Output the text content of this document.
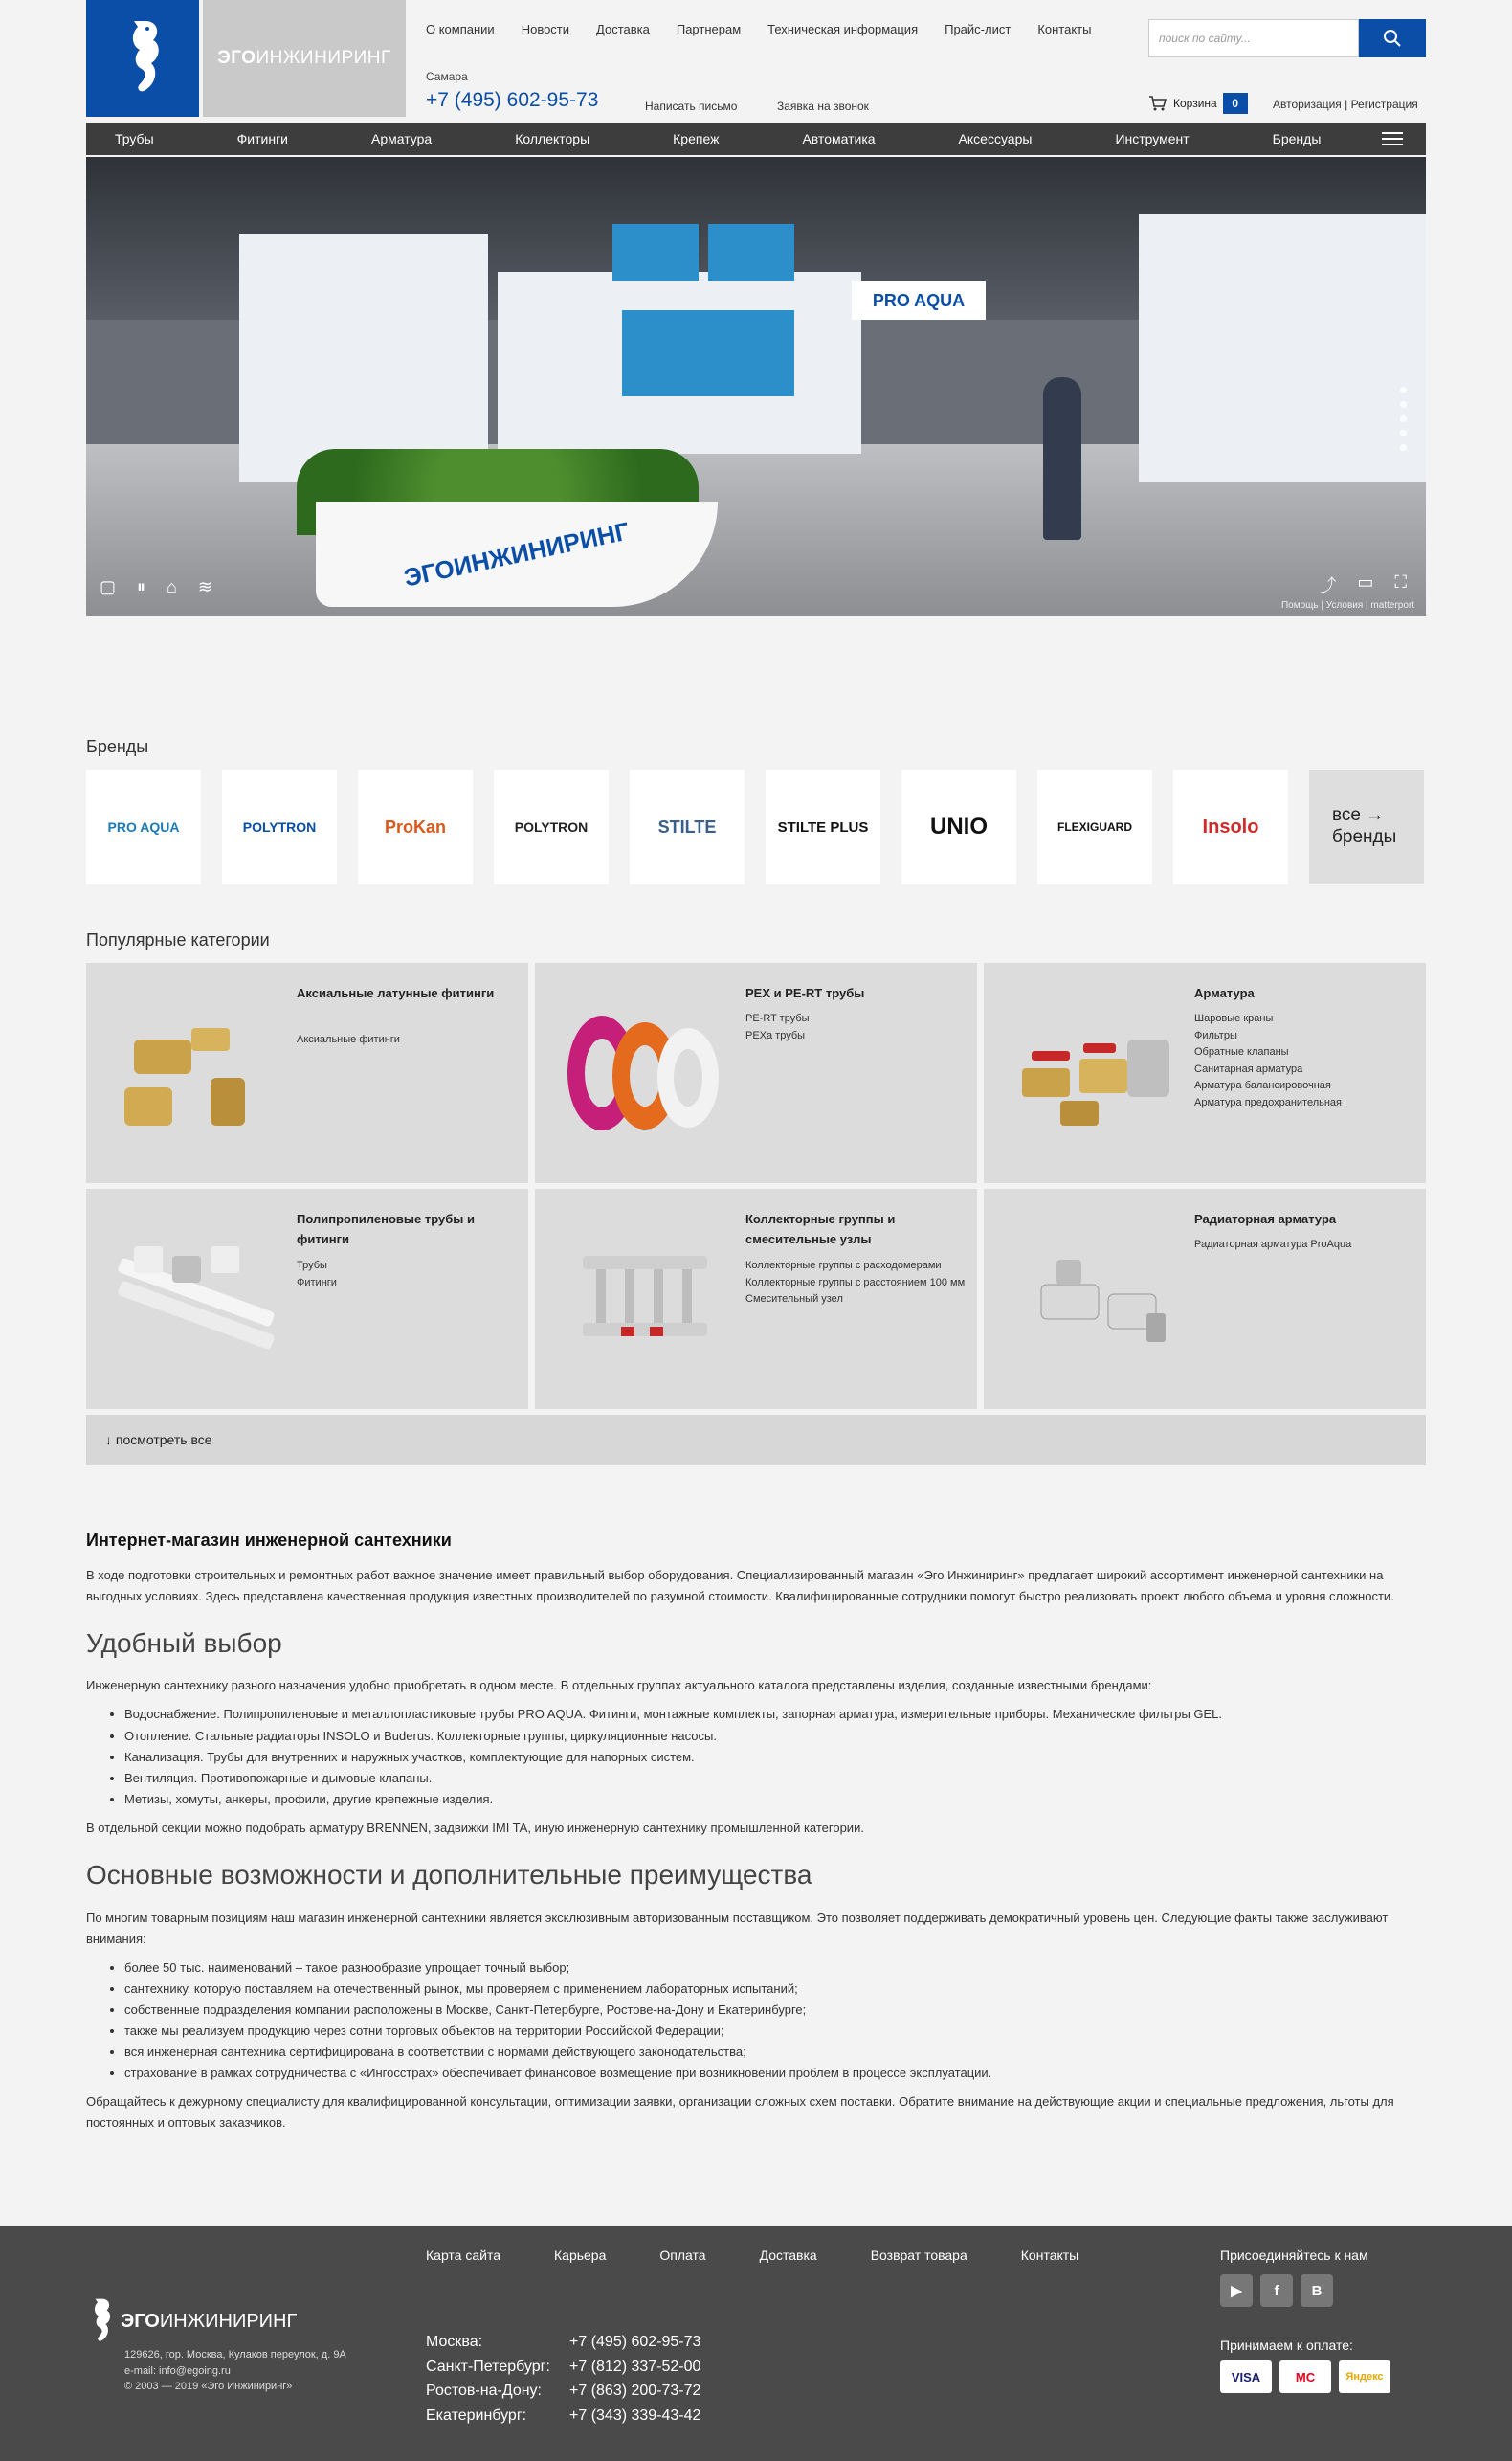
ЭГОИНЖИНИРИНГ
О компании Новости Доставка Партнерам Техническая информация Прайс-лист Контакты
Самара
+7 (495) 602-95-73	Написать письмо	Заявка на звонок
поиск по сайту...
Корзина	0	Авторизация | Регистрация
Трубы	Фитинги	Арматура	Коллекторы	Крепеж	Автоматика	Аксессуары	Инструмент	Бренды
PRO AQUA
ЭГОИНЖИНИРИНГ
▢ ⏸ ⌂ ≋	⤴ ▭ ⛶
Помощь | Условия | matterport
Бренды
PRO AQUA	POLYTRON	ProKan	POLYTRON	STILTE	STILTE PLUS	UNIO	FLEXIGUARD	Insolo
все →
бренды
Популярные категории
Аксиальные латунные фитинги
Аксиальные фитинги
PEX и PE-RT трубы
PE-RT трубы
PEXa трубы
Арматура
Шаровые краны
Фильтры
Обратные клапаны
Санитарная арматура
Арматура балансировочная
Арматура предохранительная
Полипропиленовые трубы и фитинги
Трубы
Фитинги
Коллекторные группы и смесительные узлы
Коллекторные группы с расходомерами
Коллекторные группы с расстоянием 100 мм
Смесительный узел
Радиаторная арматура
Радиаторная арматура ProAqua
↓ посмотреть все
Интернет-магазин инженерной сантехники

В ходе подготовки строительных и ремонтных работ важное значение имеет правильный выбор оборудования. Специализированный магазин «Эго Инжиниринг» предлагает широкий ассортимент инженерной сантехники на выгодных условиях. Здесь представлена качественная продукция известных производителей по разумной стоимости. Квалифицированные сотрудники помогут быстро реализовать проект любого объема и уровня сложности.

Удобный выбор

Инженерную сантехнику разного назначения удобно приобретать в одном месте. В отдельных группах актуального каталога представлены изделия, созданные известными брендами:

• Водоснабжение. Полипропиленовые и металлопластиковые трубы PRO AQUA. Фитинги, монтажные комплекты, запорная арматура, измерительные приборы. Механические фильтры GEL.
• Отопление. Стальные радиаторы INSOLO и Buderus. Коллекторные группы, циркуляционные насосы.
• Канализация. Трубы для внутренних и наружных участков, комплектующие для напорных систем.
• Вентиляция. Противопожарные и дымовые клапаны.
• Метизы, хомуты, анкеры, профили, другие крепежные изделия.

В отдельной секции можно подобрать арматуру BRENNEN, задвижки IMI TA, иную инженерную сантехнику промышленной категории.

Основные возможности и дополнительные преимущества

По многим товарным позициям наш магазин инженерной сантехники является эксклюзивным авторизованным поставщиком. Это позволяет поддерживать демократичный уровень цен. Следующие факты также заслуживают внимания:

• более 50 тыс. наименований – такое разнообразие упрощает точный выбор;
• сантехнику, которую поставляем на отечественный рынок, мы проверяем с применением лабораторных испытаний;
• собственные подразделения компании расположены в Москве, Санкт-Петербурге, Ростове-на-Дону и Екатеринбурге;
• также мы реализуем продукцию через сотни торговых объектов на территории Российской Федерации;
• вся инженерная сантехника сертифицирована в соответствии с нормами действующего законодательства;
• страхование в рамках сотрудничества с «Ингосстрах» обеспечивает финансовое возмещение при возникновении проблем в процессе эксплуатации.

Обращайтесь к дежурному специалисту для квалифицированной консультации, оптимизации заявки, организации сложных схем поставки. Обратите внимание на действующие акции и специальные предложения, льготы для постоянных и оптовых заказчиков.

ЭГОИНЖИНИРИНГ
129626, гор. Москва, Кулаков переулок, д. 9А
e-mail: info@egoing.ru
© 2003 — 2019 «Эго Инжиниринг»
Карта сайта	Карьера	Оплата	Доставка	Возврат товара	Контакты
Москва:	+7 (495) 602-95-73
Санкт-Петербург:	+7 (812) 337-52-00
Ростов-на-Дону:	+7 (863) 200-73-72
Екатеринбург:	+7 (343) 339-43-42
Присоединяйтесь к нам
▶	f	В
Принимаем к оплате:
VISA	MC	Яндекс
